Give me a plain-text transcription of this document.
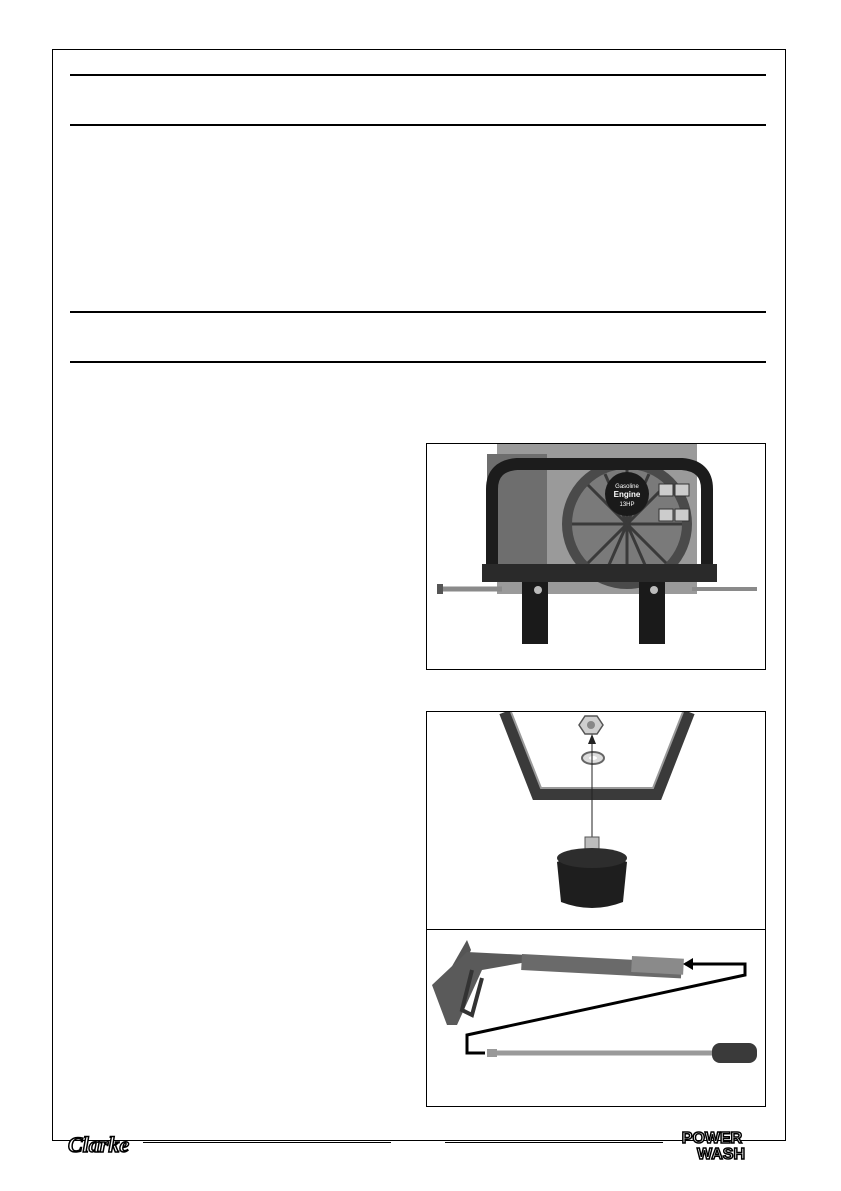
Gasoline
Engine
13HP
Clarke	POWER
WASH
